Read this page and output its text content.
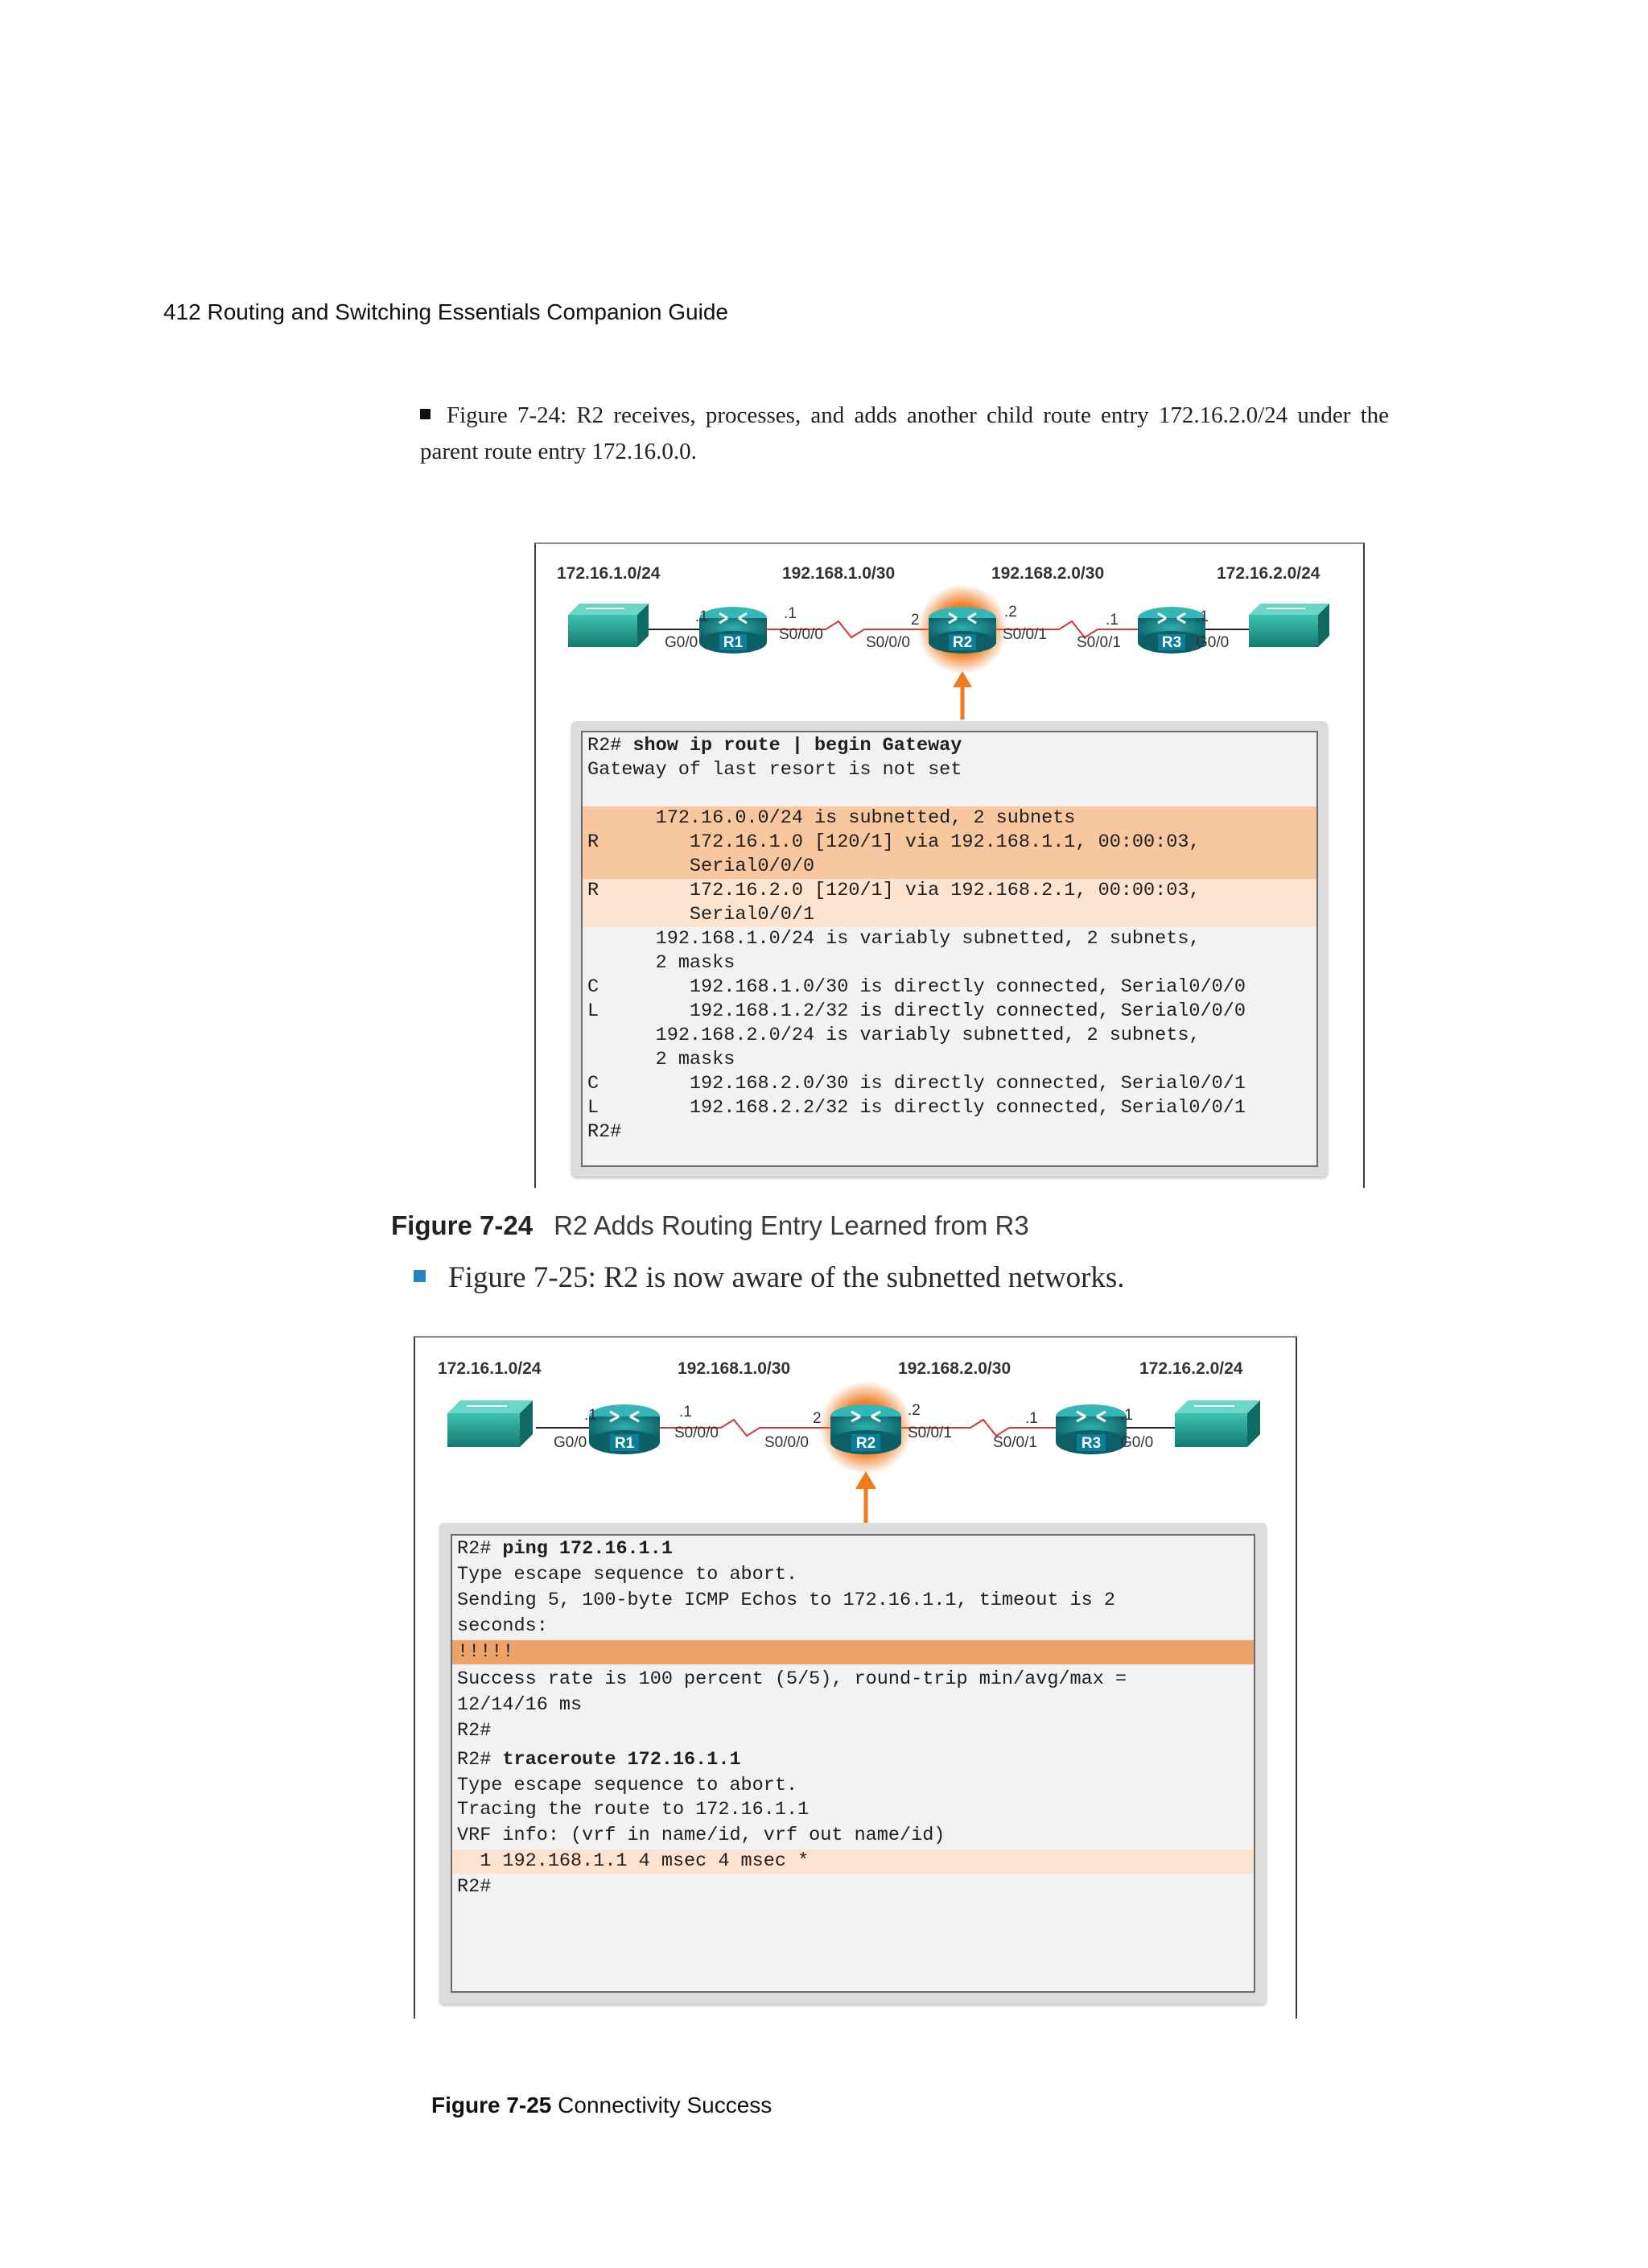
412 Routing and Switching Essentials Companion Guide
Figure 7-24: R2 receives, processes, and adds another child route entry 172.16.2.0/24 under the parent route entry 172.16.0.0.
172.16.1.0/24	192.168.1.0/30	192.168.2.0/30	172.16.2.0/24
R1	R2	R3
.1
G0/0
.1
S0/0/0
2
S0/0/0
.2
S0/0/1
.1
S0/0/1
.1
G0/0
R2# show ip route | begin Gateway
Gateway of last resort is not set
172.16.0.0/24 is subnetted, 2 subnets
R        172.16.1.0 [120/1] via 192.168.1.1, 00:00:03,
Serial0/0/0
R        172.16.2.0 [120/1] via 192.168.2.1, 00:00:03,
Serial0/0/1
192.168.1.0/24 is variably subnetted, 2 subnets,
2 masks
C        192.168.1.0/30 is directly connected, Serial0/0/0
L        192.168.1.2/32 is directly connected, Serial0/0/0
192.168.2.0/24 is variably subnetted, 2 subnets,
2 masks
C        192.168.2.0/30 is directly connected, Serial0/0/1
L        192.168.2.2/32 is directly connected, Serial0/0/1
R2#
Figure 7-24 R2 Adds Routing Entry Learned from R3
Figure 7-25: R2 is now aware of the subnetted networks.
172.16.1.0/24	192.168.1.0/30	192.168.2.0/30	172.16.2.0/24
R1	R2	R3
.1
G0/0
.1
S0/0/0
2
S0/0/0
.2
S0/0/1
.1
S0/0/1
.1
G0/0
R2# ping 172.16.1.1
Type escape sequence to abort.
Sending 5, 100-byte ICMP Echos to 172.16.1.1, timeout is 2
seconds:
!!!!!
Success rate is 100 percent (5/5), round-trip min/avg/max =
12/14/16 ms
R2#
R2# traceroute 172.16.1.1
Type escape sequence to abort.
Tracing the route to 172.16.1.1
VRF info: (vrf in name/id, vrf out name/id)
1 192.168.1.1 4 msec 4 msec *
R2#
Figure 7-25 Connectivity Success
